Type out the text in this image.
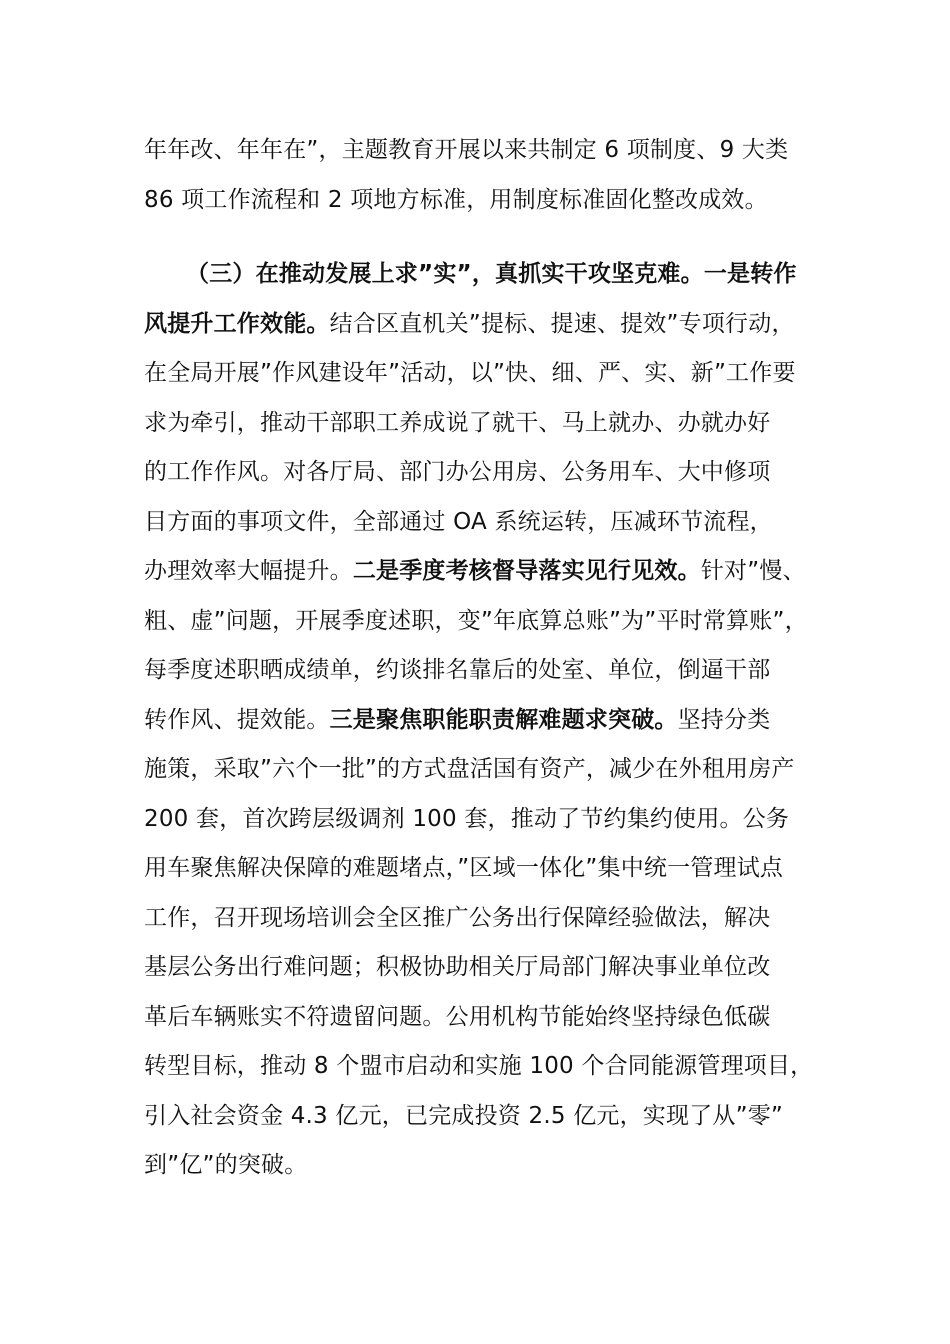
年年改、年年在”，主题教育开展以来共制定 6 项制度、9 大类
86 项工作流程和 2 项地方标准，用制度标准固化整改成效。
（三）在推动发展上求”实”，真抓实干攻坚克难。一是转作
风提升工作效能。结合区直机关”提标、提速、提效”专项行动，
在全局开展”作风建设年”活动，以”快、细、严、实、新”工作要
求为牵引，推动干部职工养成说了就干、马上就办、办就办好
的工作作风。对各厅局、部门办公用房、公务用车、大中修项
目方面的事项文件，全部通过 OA 系统运转，压减环节流程，
办理效率大幅提升。二是季度考核督导落实见行见效。针对”慢、
粗、虚”问题，开展季度述职，变”年底算总账”为”平时常算账”，
每季度述职晒成绩单，约谈排名靠后的处室、单位，倒逼干部
转作风、提效能。三是聚焦职能职责解难题求突破。坚持分类
施策，采取”六个一批”的方式盘活国有资产，减少在外租用房产
200 套，首次跨层级调剂 100 套，推动了节约集约使用。公务
用车聚焦解决保障的难题堵点，”区域一体化”集中统一管理试点
工作，召开现场培训会全区推广公务出行保障经验做法，解决
基层公务出行难问题；积极协助相关厅局部门解决事业单位改
革后车辆账实不符遗留问题。公用机构节能始终坚持绿色低碳
转型目标，推动 8 个盟市启动和实施 100 个合同能源管理项目，
引入社会资金 4.3 亿元，已完成投资 2.5 亿元，实现了从”零”
到”亿”的突破。
